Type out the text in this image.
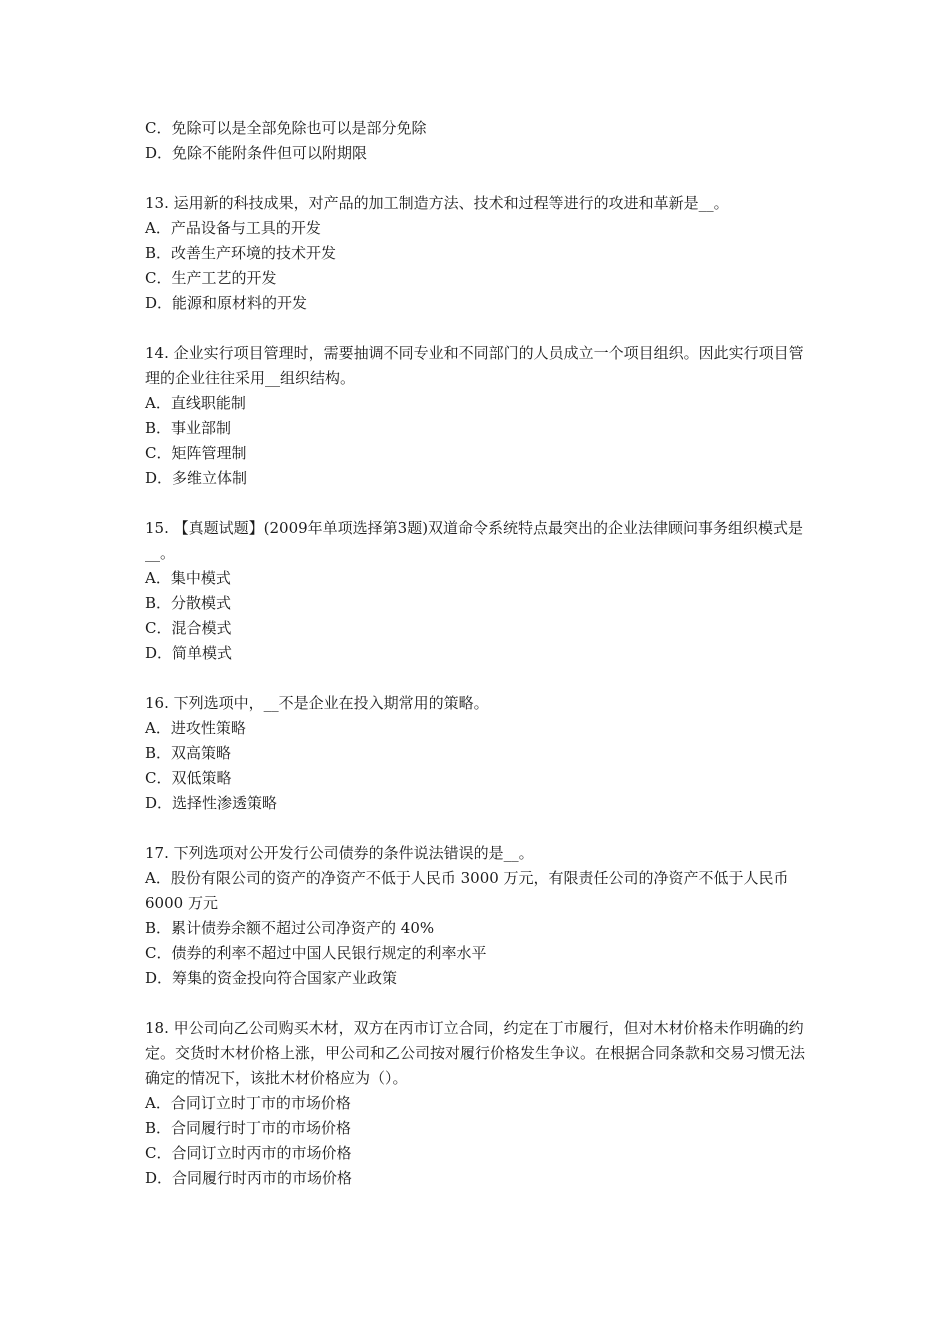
C．免除可以是全部免除也可以是部分免除
D．免除不能附条件但可以附期限
13. 运用新的科技成果，对产品的加工制造方法、技术和过程等进行的攻进和革新是__。
A．产品设备与工具的开发
B．改善生产环境的技术开发
C．生产工艺的开发
D．能源和原材料的开发
14. 企业实行项目管理时，需要抽调不同专业和不同部门的人员成立一个项目组织。因此实行项目管理的企业往往采用__组织结构。
A．直线职能制
B．事业部制
C．矩阵管理制
D．多维立体制
15. 【真题试题】(2009年单项选择第3题)双道命令系统特点最突出的企业法律顾问事务组织模式是__。
A．集中模式
B．分散模式
C．混合模式
D．简单模式
16. 下列选项中，__不是企业在投入期常用的策略。
A．进攻性策略
B．双高策略
C．双低策略
D．选择性渗透策略
17. 下列选项对公开发行公司债券的条件说法错误的是__。
A．股份有限公司的资产的净资产不低于人民币 3000 万元，有限责任公司的净资产不低于人民币 6000 万元
B．累计债券余额不超过公司净资产的 40%
C．债券的利率不超过中国人民银行规定的利率水平
D．筹集的资金投向符合国家产业政策
18. 甲公司向乙公司购买木材，双方在丙市订立合同，约定在丁市履行，但对木材价格未作明确的约定。交货时木材价格上涨，甲公司和乙公司按对履行价格发生争议。在根据合同条款和交易习惯无法确定的情况下，该批木材价格应为（）。
A．合同订立时丁市的市场价格
B．合同履行时丁市的市场价格
C．合同订立时丙市的市场价格
D．合同履行时丙市的市场价格
